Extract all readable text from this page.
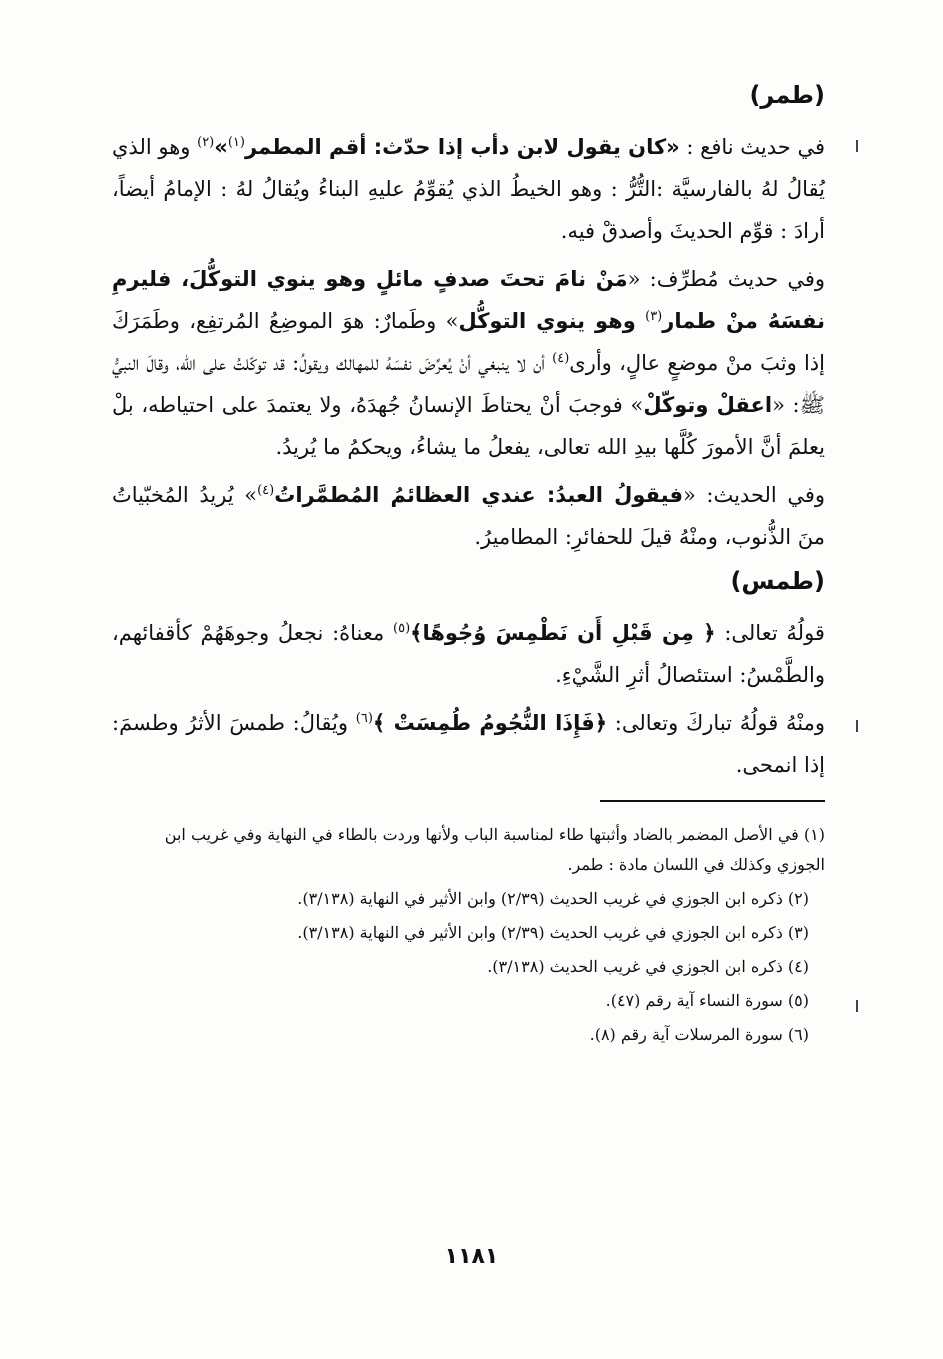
(طمر)

في حديث نافع : «كان يقول لابن دأب إذا حدّث: أقم المطمر$^{(١)}$»$^{(٢)}$ وهو الذي يُقالُ لهُ بالفارسيَّة :التُّرُّ : وهو الخيطُ الذي يُقوِّمُ عليهِ البناءُ ويُقالُ لهُ : الإمامُ أيضاً، أرادَ : قوِّم الحديثَ وأصدقْ فيه.

وفي حديث مُطرِّف: «مَنْ نامَ تحتَ صدفٍ مائلٍ وهو ينوي التوكُّلَ، فليرمِ نفسَهُ منْ طمار$^{(٣)}$ وهو ينوي التوكُّل» وطَمارٌ: هوَ الموضِعُ المُرتفِع، وطَمَرَكَ إذا وثبَ منْ موضعٍ عالٍ، وأرى$^{(٤)}$ أن لا ينبغي أنْ يُعرِّضَ نفسَهُ للمهالك ويقولُ: قد توكّلتُ على الله، وقالَ النبيُّ ﷺ: «اعقلْ وتوكّلْ» فوجبَ أنْ يحتاطَ الإنسانُ جُهدَهُ، ولا يعتمدَ على احتياطه، بلْ يعلمَ أنَّ الأمورَ كُلَّها بيدِ الله تعالى، يفعلُ ما يشاءُ، ويحكمُ ما يُريدُ.

وفي الحديث: «فيقولُ العبدُ: عندي العظائمُ المُطمَّراتُ$^{(٤)}$» يُريدُ المُخبّياتُ منَ الذُّنوب، ومنْهُ قيلَ للحفائرِ: المطاميرُ.

(طمس)

قولُهُ تعالى: ﴿ مِن قَبْلِ أَن نَطْمِسَ وُجُوهًا﴾$^{(٥)}$ معناهُ: نجعلُ وجوهَهُمْ كأقفائهم، والطَّمْسُ: استئصالُ أثرِ الشَّيْءِ.

ومنْهُ قولُهُ تباركَ وتعالى: ﴿فَإِذَا النُّجُومُ طُمِسَتْ ﴾$^{(٦)}$ ويُقالُ: طمسَ الأثرُ وطسمَ: إذا انمحى.

(١) في الأصل المضمر بالضاد وأثبتها طاء لمناسبة الباب ولأنها وردت بالطاء في النهاية وفي غريب ابن الجوزي وكذلك في اللسان مادة : طمر.

(٢) ذكره ابن الجوزي في غريب الحديث (٢/٣٩) وابن الأثير في النهاية (٣/١٣٨).

(٣) ذكره ابن الجوزي في غريب الحديث (٢/٣٩) وابن الأثير في النهاية (٣/١٣٨).

(٤) ذكره ابن الجوزي في غريب الحديث (٣/١٣٨).

(٥) سورة النساء آية رقم (٤٧).

(٦) سورة المرسلات آية رقم (٨).

١١٨١
